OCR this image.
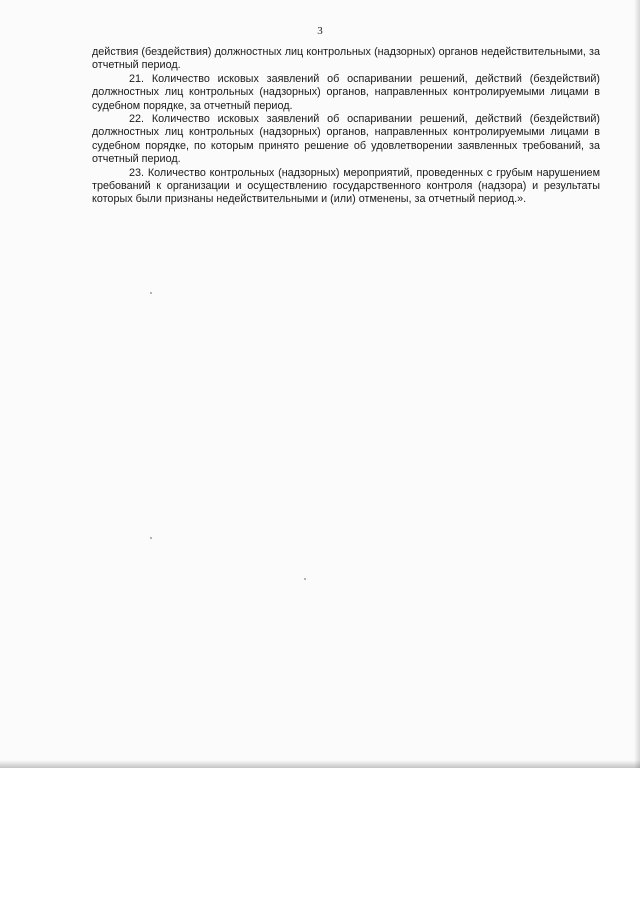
3

действия (бездействия) должностных лиц контрольных (надзорных) органов недействительными, за отчетный период.

21. Количество исковых заявлений об оспаривании решений, действий (бездействий) должностных лиц контрольных (надзорных) органов, направленных контролируемыми лицами в судебном порядке, за отчетный период.

22. Количество исковых заявлений об оспаривании решений, действий (бездействий) должностных лиц контрольных (надзорных) органов, направленных контролируемыми лицами в судебном порядке, по которым принято решение об удовлетворении заявленных требований, за отчетный период.

23. Количество контрольных (надзорных) мероприятий, проведенных с грубым нарушением требований к организации и осуществлению государственного контроля (надзора) и результаты которых были признаны недействительными и (или) отменены, за отчетный период.».
